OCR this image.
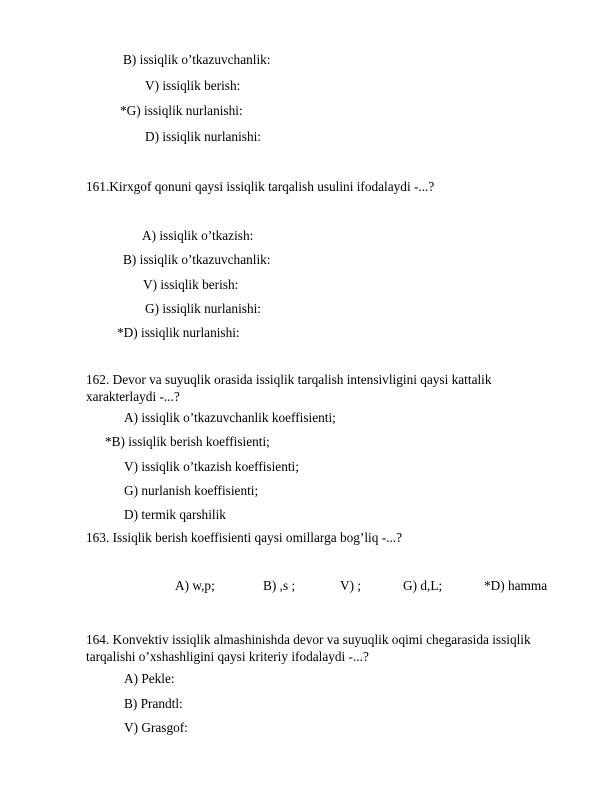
B) issiqlik o’tkazuvchanlik:
V) issiqlik berish:
*G) issiqlik nurlanishi:
D) issiqlik nurlanishi:
161.Kirxgof qonuni qaysi issiqlik tarqalish usulini ifodalaydi -...?
A) issiqlik o’tkazish:
B) issiqlik o’tkazuvchanlik:
V) issiqlik berish:
G) issiqlik nurlanishi:
*D) issiqlik nurlanishi:
162. Devor va suyuqlik orasida issiqlik tarqalish intensivligini qaysi kattalik
xarakterlaydi -...?
A) issiqlik o’tkazuvchanlik koeffisienti;
*B) issiqlik berish koeffisienti;
V) issiqlik o’tkazish koeffisienti;
G) nurlanish koeffisienti;
D) termik qarshilik
163. Issiqlik berish koeffisienti qaysi omillarga bog’liq -...?
A) w,p;	B) ,s ;	V) ;	G) d,L;	*D) hamma
164. Konvektiv issiqlik almashinishda devor va suyuqlik oqimi chegarasida issiqlik
tarqalishi o’xshashligini qaysi kriteriy ifodalaydi -...?
A) Pekle:
B) Prandtl:
V) Grasgof:
